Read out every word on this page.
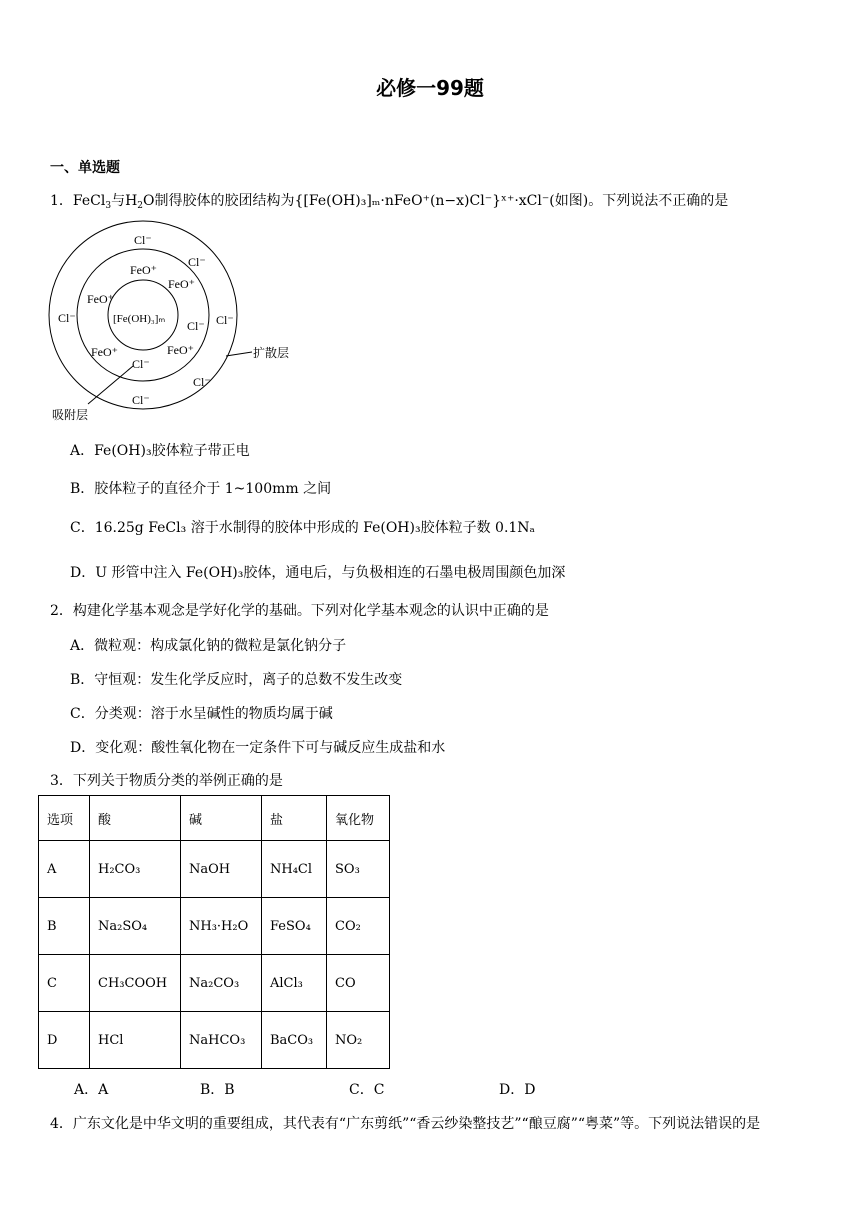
必修一99题
一、单选题
1．FeCl$_3$与$H_2O$制得胶体的胶团结构为{[Fe(OH)₃]ₘ·nFeO⁺(n−x)Cl⁻}ˣ⁺·xCl⁻(如图)。下列说法不正确的是
Cl⁻
FeO⁺
Cl⁻
FeO⁺
FeO⁺
Cl⁻	[Fe(OH)₃]ₘ Cl⁻ Cl⁻
FeO⁺	FeO⁺
Cl⁻
Cl⁻
Cl⁻
扩散层
吸附层
A．Fe(OH)₃胶体粒子带正电
B．胶体粒子的直径介于 1~100mm 之间
C．16.25g FeCl₃ 溶于水制得的胶体中形成的 Fe(OH)₃胶体粒子数 0.1Nₐ
D．U 形管中注入 Fe(OH)₃胶体，通电后，与负极相连的石墨电极周围颜色加深
2．构建化学基本观念是学好化学的基础。下列对化学基本观念的认识中正确的是
A．微粒观：构成氯化钠的微粒是氯化钠分子
B．守恒观：发生化学反应时，离子的总数不发生改变
C．分类观：溶于水呈碱性的物质均属于碱
D．变化观：酸性氧化物在一定条件下可与碱反应生成盐和水
3．下列关于物质分类的举例正确的是
选项	酸	碱	盐	氧化物
A	H₂CO₃	NaOH	NH₄Cl	SO₃
B	Na₂SO₄	NH₃·H₂O	FeSO₄	CO₂
C	CH₃COOH	Na₂CO₃	AlCl₃	CO
D	HCl	NaHCO₃	BaCO₃	NO₂
A．A	B．B	C．C	D．D
4．广东文化是中华文明的重要组成，其代表有“广东剪纸”“香云纱染整技艺”“酿豆腐”“粤菜”等。下列说法错误的是
